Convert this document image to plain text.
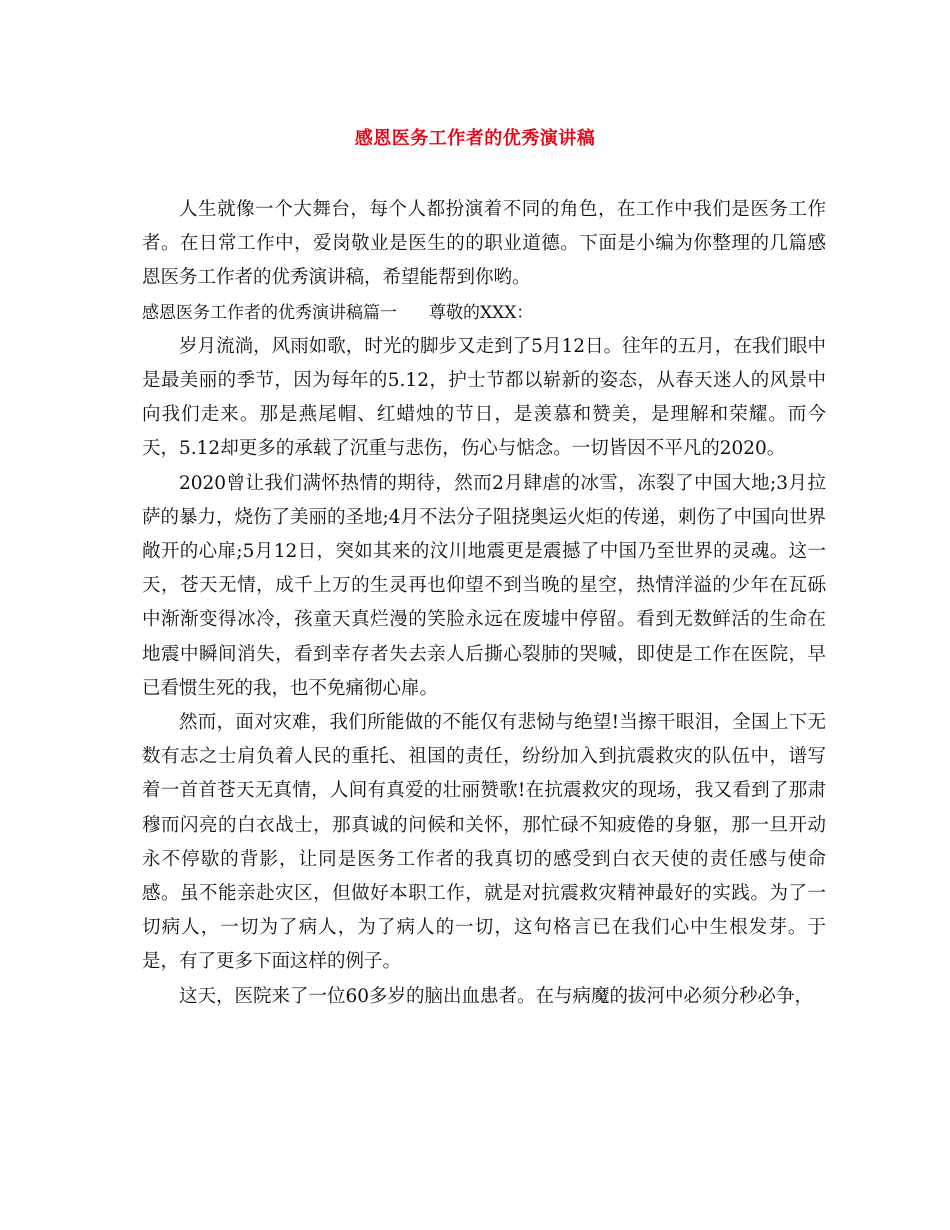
感恩医务工作者的优秀演讲稿

人生就像一个大舞台，每个人都扮演着不同的角色，在工作中我们是医务工作者。在日常工作中，爱岗敬业是医生的的职业道德。下面是小编为你整理的几篇感恩医务工作者的优秀演讲稿，希望能帮到你哟。

感恩医务工作者的优秀演讲稿篇一 尊敬的XXX：

岁月流淌，风雨如歌，时光的脚步又走到了5月12日。往年的五月，在我们眼中是最美丽的季节，因为每年的5.12，护士节都以崭新的姿态，从春天迷人的风景中向我们走来。那是燕尾帽、红蜡烛的节日，是羡慕和赞美，是理解和荣耀。而今天，5.12却更多的承载了沉重与悲伤，伤心与惦念。一切皆因不平凡的2020。

2020曾让我们满怀热情的期待，然而2月肆虐的冰雪，冻裂了中国大地;3月拉萨的暴力，烧伤了美丽的圣地;4月不法分子阻挠奥运火炬的传递，刺伤了中国向世界敞开的心扉;5月12日，突如其来的汶川地震更是震撼了中国乃至世界的灵魂。这一天，苍天无情，成千上万的生灵再也仰望不到当晚的星空，热情洋溢的少年在瓦砾中渐渐变得冰冷，孩童天真烂漫的笑脸永远在废墟中停留。看到无数鲜活的生命在地震中瞬间消失，看到幸存者失去亲人后撕心裂肺的哭喊，即使是工作在医院，早已看惯生死的我，也不免痛彻心扉。

然而，面对灾难，我们所能做的不能仅有悲恸与绝望!当擦干眼泪，全国上下无数有志之士肩负着人民的重托、祖国的责任，纷纷加入到抗震救灾的队伍中，谱写着一首首苍天无真情，人间有真爱的壮丽赞歌!在抗震救灾的现场，我又看到了那肃穆而闪亮的白衣战士，那真诚的问候和关怀，那忙碌不知疲倦的身躯，那一旦开动永不停歇的背影，让同是医务工作者的我真切的感受到白衣天使的责任感与使命感。虽不能亲赴灾区，但做好本职工作，就是对抗震救灾精神最好的实践。为了一切病人，一切为了病人，为了病人的一切，这句格言已在我们心中生根发芽。于是，有了更多下面这样的例子。

这天，医院来了一位60多岁的脑出血患者。在与病魔的拔河中必须分秒必争，
